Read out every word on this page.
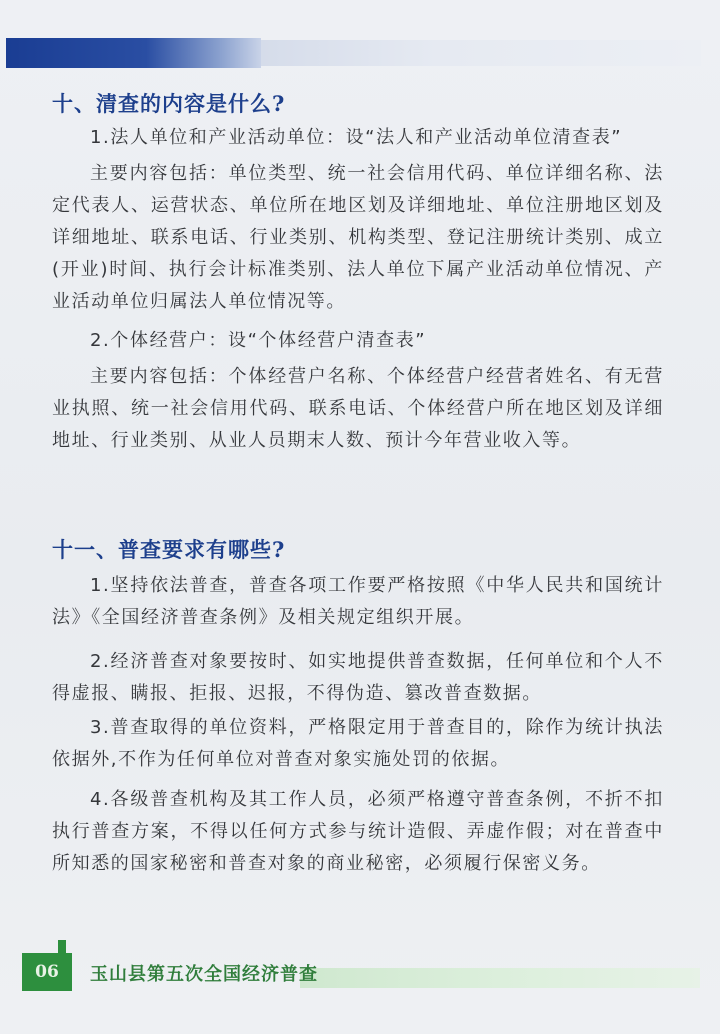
十、清查的内容是什么?
1.法人单位和产业活动单位：设“法人和产业活动单位清查表”
主要内容包括：单位类型、统一社会信用代码、单位详细名称、法定代表人、运营状态、单位所在地区划及详细地址、单位注册地区划及详细地址、联系电话、行业类别、机构类型、登记注册统计类别、成立(开业)时间、执行会计标准类别、法人单位下属产业活动单位情况、产业活动单位归属法人单位情况等。
2.个体经营户：设“个体经营户清查表”
主要内容包括：个体经营户名称、个体经营户经营者姓名、有无营业执照、统一社会信用代码、联系电话、个体经营户所在地区划及详细地址、行业类别、从业人员期末人数、预计今年营业收入等。
十一、普查要求有哪些?
1.坚持依法普查，普查各项工作要严格按照《中华人民共和国统计法》《全国经济普查条例》及相关规定组织开展。
2.经济普查对象要按时、如实地提供普查数据，任何单位和个人不得虚报、瞒报、拒报、迟报，不得伪造、篡改普查数据。
3.普查取得的单位资料，严格限定用于普查目的，除作为统计执法依据外,不作为任何单位对普查对象实施处罚的依据。
4.各级普查机构及其工作人员，必须严格遵守普查条例，不折不扣执行普查方案，不得以任何方式参与统计造假、弄虚作假；对在普查中所知悉的国家秘密和普查对象的商业秘密，必须履行保密义务。
06 玉山县第五次全国经济普查
